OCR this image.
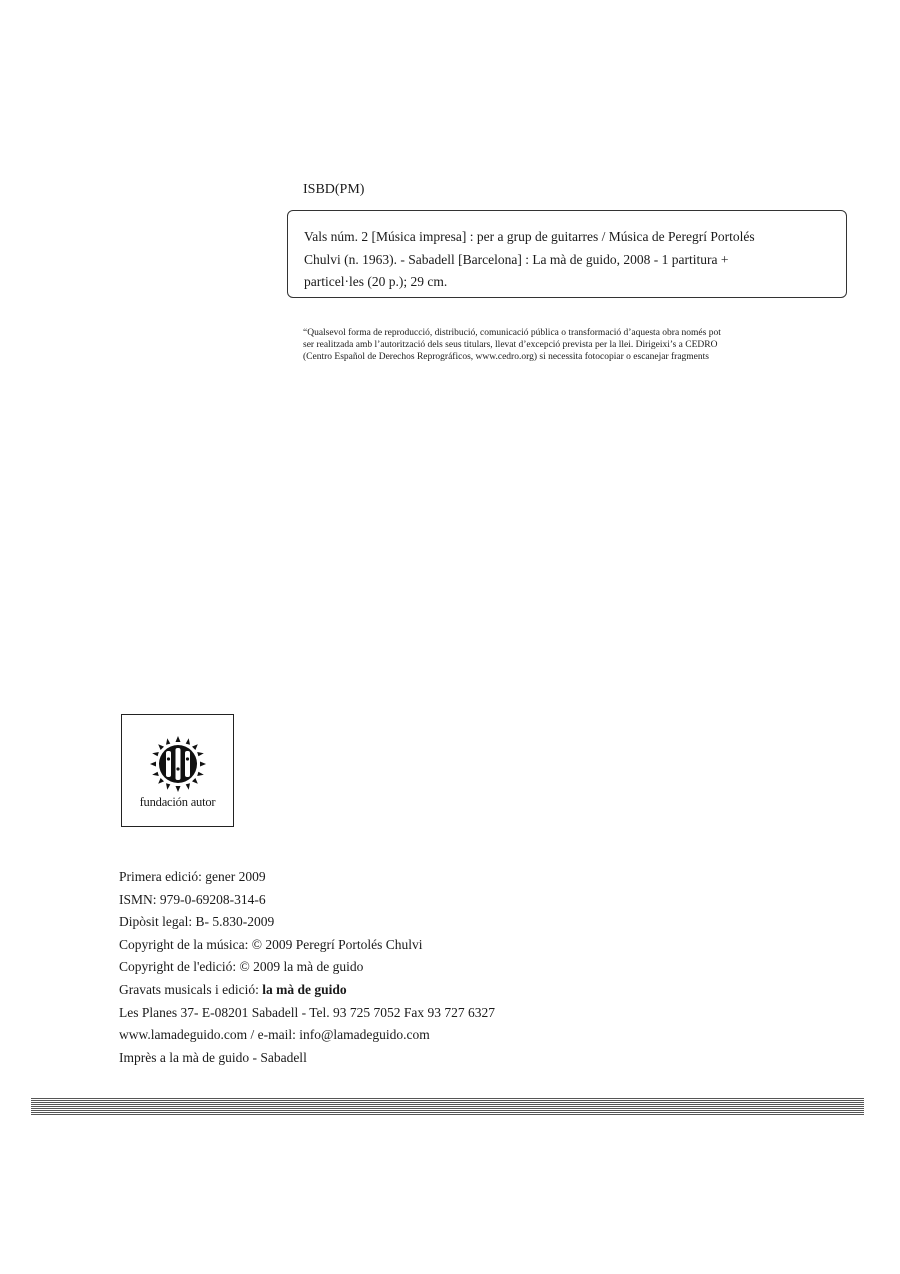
ISBD(PM)
Vals núm. 2 [Música impresa] : per a grup de guitarres / Música de Peregrí Portolés
Chulvi (n. 1963). - Sabadell [Barcelona] : La mà de guido, 2008 - 1 partitura +
particel·les (20 p.); 29 cm.
“Qualsevol forma de reproducció, distribució, comunicació pública o transformació d’aquesta obra només pot
ser realitzada amb l’autorització dels seus titulars, llevat d’excepció prevista per la llei. Dirigeixi’s a CEDRO
(Centro Español de Derechos Reprográficos, www.cedro.org) si necessita fotocopiar o escanejar fragments
fundación autor
Primera edició: gener 2009
ISMN: 979-0-69208-314-6
Dipòsit legal: B- 5.830-2009
Copyright de la música: © 2009 Peregrí Portolés Chulvi
Copyright de l'edició: © 2009 la mà de guido
Gravats musicals i edició: la mà de guido
Les Planes 37- E-08201 Sabadell - Tel. 93 725 7052 Fax 93 727 6327
www.lamadeguido.com / e-mail: info@lamadeguido.com
Imprès a la mà de guido - Sabadell
